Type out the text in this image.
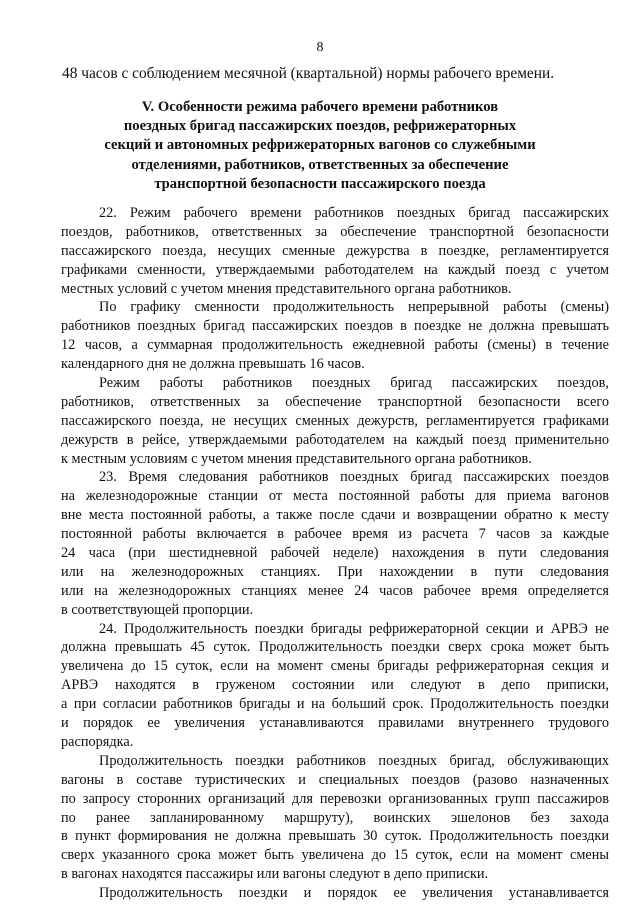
8
48 часов с соблюдением месячной (квартальной) нормы рабочего времени.
V. Особенности режима рабочего времени работников
поездных бригад пассажирских поездов, рефрижераторных
секций и автономных рефрижераторных вагонов со служебными
отделениями, работников, ответственных за обеспечение
транспортной безопасности пассажирского поезда
22. Режим рабочего времени работников поездных бригад пассажирских
поездов, работников, ответственных за обеспечение транспортной безопасности
пассажирского поезда, несущих сменные дежурства в поездке, регламентируется
графиками сменности, утверждаемыми работодателем на каждый поезд с учетом
местных условий с учетом мнения представительного органа работников.
По графику сменности продолжительность непрерывной работы (смены)
работников поездных бригад пассажирских поездов в поездке не должна превышать
12 часов, а суммарная продолжительность ежедневной работы (смены) в течение
календарного дня не должна превышать 16 часов.
Режим работы работников поездных бригад пассажирских поездов,
работников, ответственных за обеспечение транспортной безопасности всего
пассажирского поезда, не несущих сменных дежурств, регламентируется графиками
дежурств в рейсе, утверждаемыми работодателем на каждый поезд применительно
к местным условиям с учетом мнения представительного органа работников.
23. Время следования работников поездных бригад пассажирских поездов
на железнодорожные станции от места постоянной работы для приема вагонов
вне места постоянной работы, а также после сдачи и возвращении обратно к месту
постоянной работы включается в рабочее время из расчета 7 часов за каждые
24 часа (при шестидневной рабочей неделе) нахождения в пути следования
или на железнодорожных станциях. При нахождении в пути следования
или на железнодорожных станциях менее 24 часов рабочее время определяется
в соответствующей пропорции.
24. Продолжительность поездки бригады рефрижераторной секции и АРВЭ не
должна превышать 45 суток. Продолжительность поездки сверх срока может быть
увеличена до 15 суток, если на момент смены бригады рефрижераторная секция и
АРВЭ находятся в груженом состоянии или следуют в депо приписки,
а при согласии работников бригады и на больший срок. Продолжительность поездки
и порядок ее увеличения устанавливаются правилами внутреннего трудового
распорядка.
Продолжительность поездки работников поездных бригад, обслуживающих
вагоны в составе туристических и специальных поездов (разово назначенных
по запросу сторонних организаций для перевозки организованных групп пассажиров
по ранее запланированному маршруту), воинских эшелонов без захода
в пункт формирования не должна превышать 30 суток. Продолжительность поездки
сверх указанного срока может быть увеличена до 15 суток, если на момент смены
в вагонах находятся пассажиры или вагоны следуют в депо приписки.
Продолжительность поездки и порядок ее увеличения устанавливается
